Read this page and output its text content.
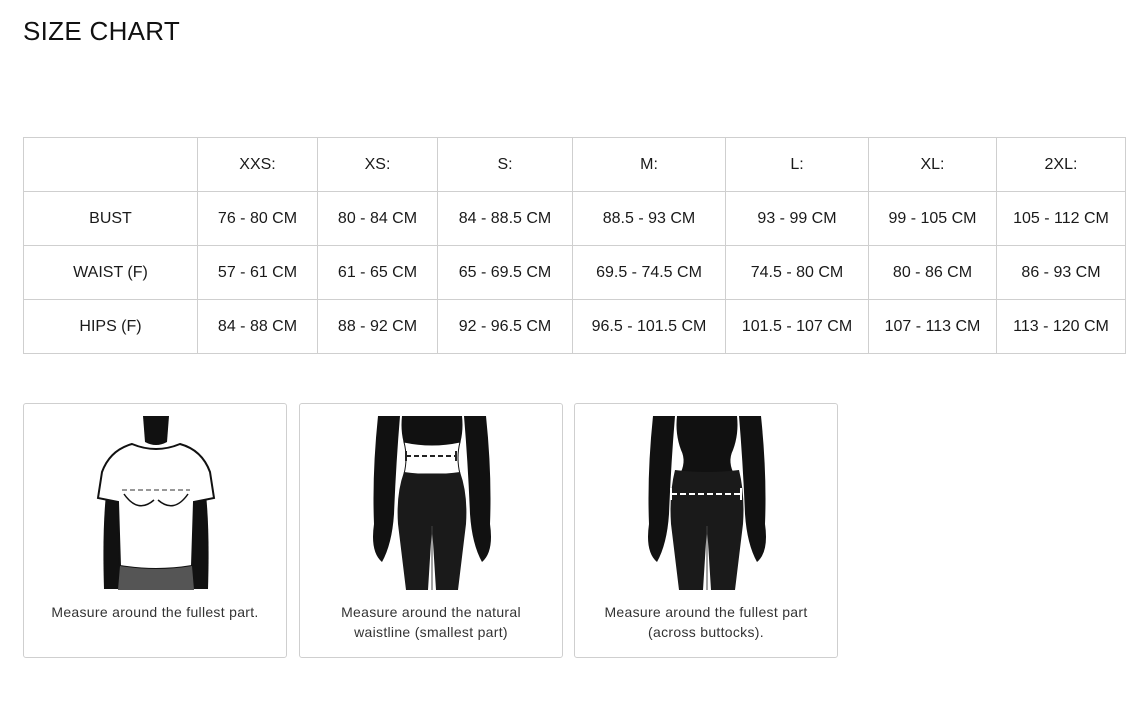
SIZE CHART
	XXS:	XS:	S:	M:	L:	XL:	2XL:
BUST	76 - 80 CM	80 - 84 CM	84 - 88.5 CM	88.5 - 93 CM	93 - 99 CM	99 - 105 CM	105 - 112 CM
WAIST (F)	57 - 61 CM	61 - 65 CM	65 - 69.5 CM	69.5 - 74.5 CM	74.5 - 80 CM	80 - 86 CM	86 - 93 CM
HIPS (F)	84 - 88 CM	88 - 92 CM	92 - 96.5 CM	96.5 - 101.5 CM	101.5 - 107 CM	107 - 113 CM	113 - 120 CM
Measure around the fullest part.	Measure around the natural waistline (smallest part)
Measure around the fullest part (across buttocks).
